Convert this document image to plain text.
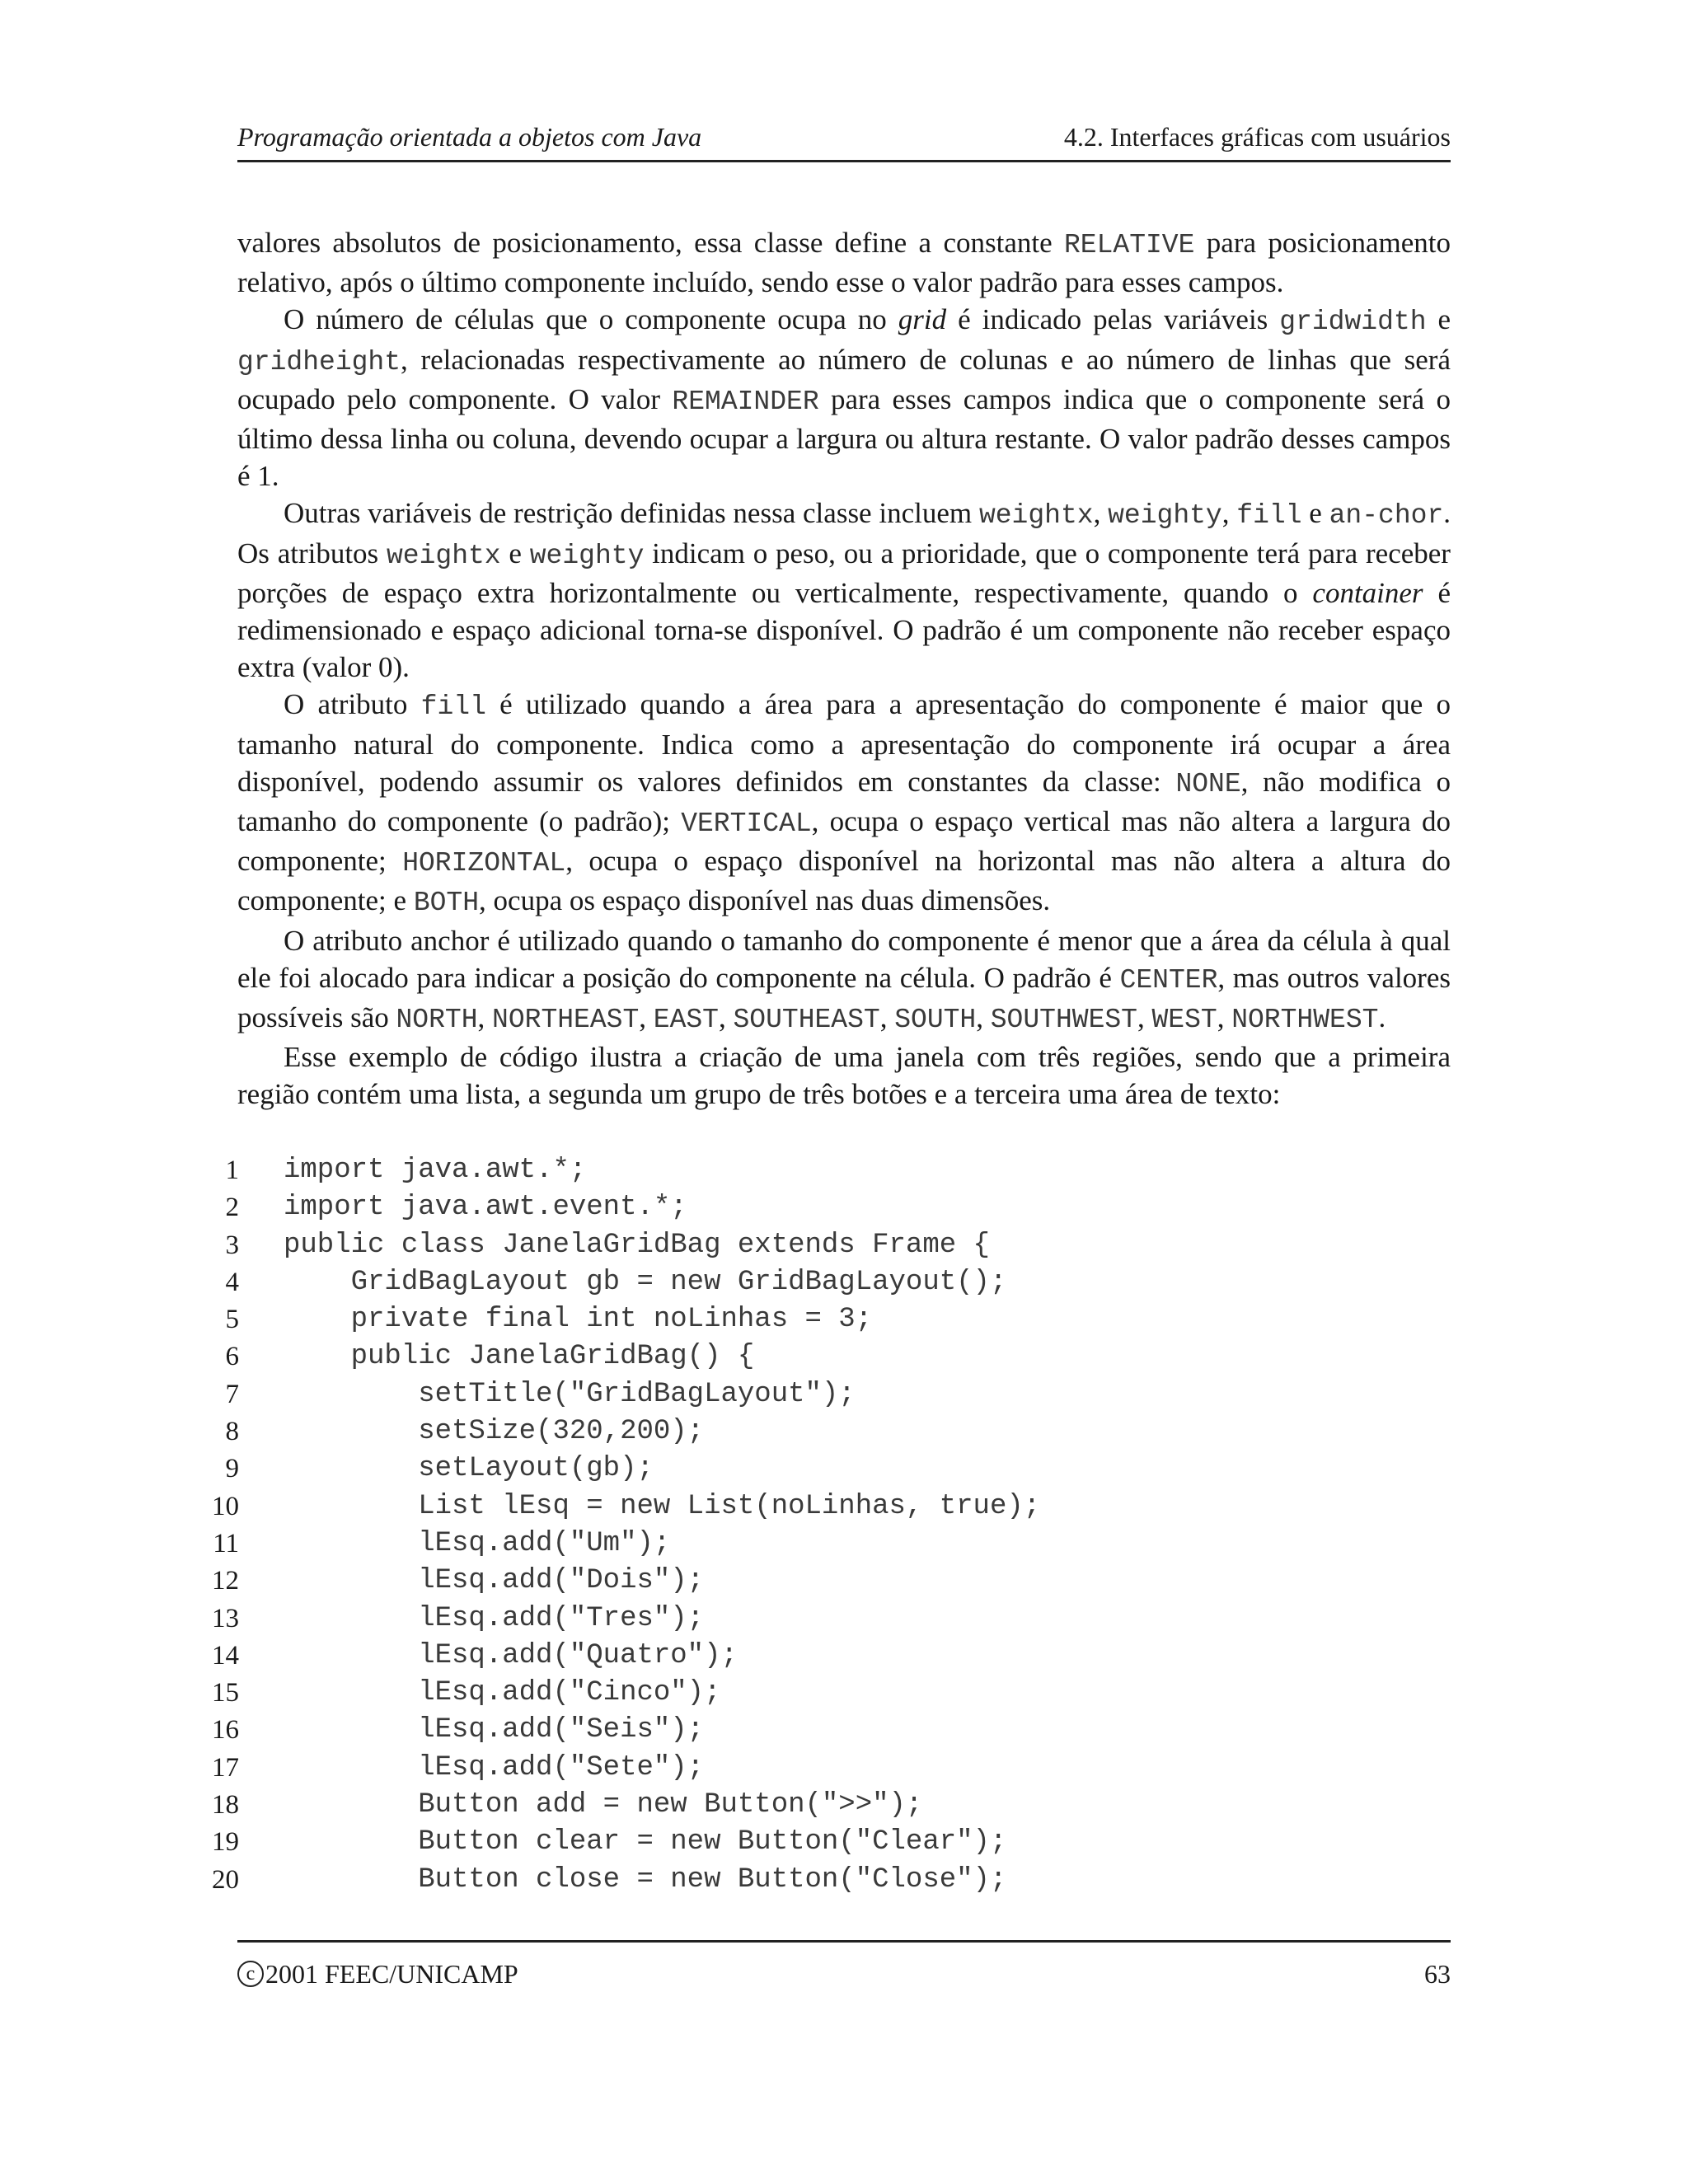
Programação orientada a objetos com Java	4.2. Interfaces gráficas com usuários

valores absolutos de posicionamento, essa classe define a constante RELATIVE para posicionamento relativo, após o último componente incluído, sendo esse o valor padrão para esses campos.

O número de células que o componente ocupa no grid é indicado pelas variáveis gridwidth e gridheight, relacionadas respectivamente ao número de colunas e ao número de linhas que será ocupado pelo componente. O valor REMAINDER para esses campos indica que o componente será o último dessa linha ou coluna, devendo ocupar a largura ou altura restante. O valor padrão desses campos é 1.

Outras variáveis de restrição definidas nessa classe incluem weightx, weighty, fill e an-chor. Os atributos weightx e weighty indicam o peso, ou a prioridade, que o componente terá para receber porções de espaço extra horizontalmente ou verticalmente, respectivamente, quando o container é redimensionado e espaço adicional torna-se disponível. O padrão é um componente não receber espaço extra (valor 0).

O atributo fill é utilizado quando a área para a apresentação do componente é maior que o tamanho natural do componente. Indica como a apresentação do componente irá ocupar a área disponível, podendo assumir os valores definidos em constantes da classe: NONE, não modifica o tamanho do componente (o padrão); VERTICAL, ocupa o espaço vertical mas não altera a largura do componente; HORIZONTAL, ocupa o espaço disponível na horizontal mas não altera a altura do componente; e BOTH, ocupa os espaço disponível nas duas dimensões.

O atributo anchor é utilizado quando o tamanho do componente é menor que a área da célula à qual ele foi alocado para indicar a posição do componente na célula. O padrão é CENTER, mas outros valores possíveis são NORTH, NORTHEAST, EAST, SOUTHEAST, SOUTH, SOUTHWEST, WEST, NORTHWEST.

Esse exemplo de código ilustra a criação de uma janela com três regiões, sendo que a primeira região contém uma lista, a segunda um grupo de três botões e a terceira uma área de texto:

1 import java.awt.*;
2 import java.awt.event.*;
3 public class JanelaGridBag extends Frame {
4 GridBagLayout gb = new GridBagLayout();
5 private final int noLinhas = 3;
6 public JanelaGridBag() {
7 setTitle("GridBagLayout");
8 setSize(320,200);
9 setLayout(gb);
10 List lEsq = new List(noLinhas, true);
11 lEsq.add("Um");
12 lEsq.add("Dois");
13 lEsq.add("Tres");
14 lEsq.add("Quatro");
15 lEsq.add("Cinco");
16 lEsq.add("Seis");
17 lEsq.add("Sete");
18 Button add = new Button(">>");
19 Button clear = new Button("Clear");
20 Button close = new Button("Close");
c 2001 FEEC/UNICAMP	63
